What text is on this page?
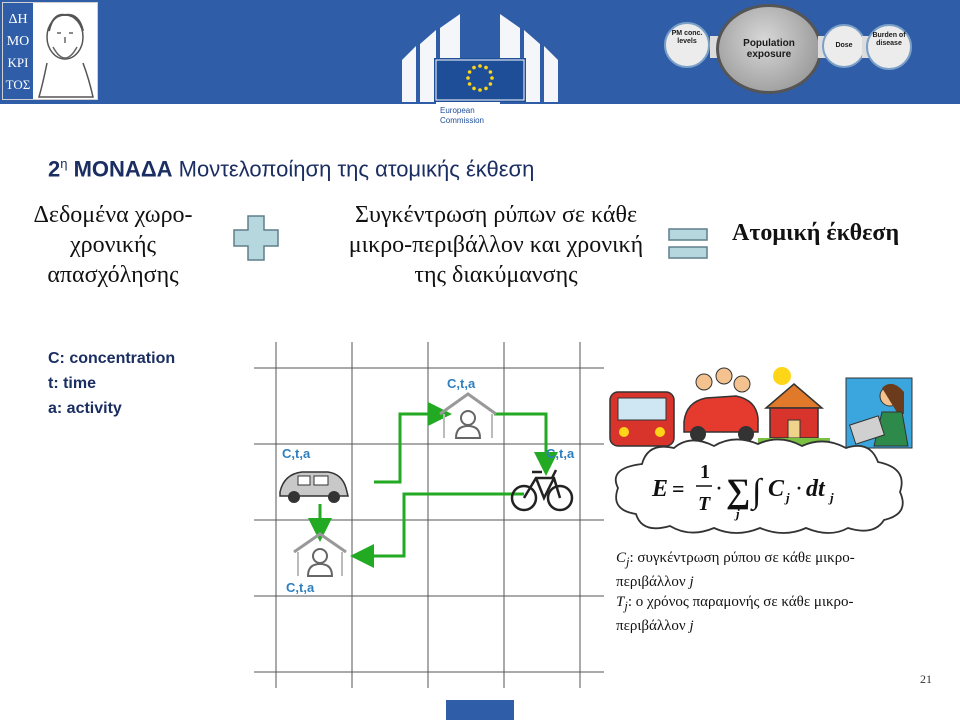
ΔΗ
ΜΟ
ΚΡΙ
ΤΟΣ
European
Commission
PM conc. levels	Population exposure
Dose
Burden of disease
$2^\eta$ ΜΟΝΑΔΑ Μοντελοποίηση της ατομικής έκθεση
Δεδομένα χωρο-
χρονικής
απασχόλησης
Συγκέντρωση ρύπων σε κάθε
μικρο-περιβάλλον και χρονική
της διακύμανσης
Ατομική έκθεση
C: concentration
t: time
a: activity
C,t,a
C,t,a
C,t,a
C,t,a
E =
1
T
· ∑
j
∫ C j · dt j
$C_j$: συγκέντρωση ρύπου σε κάθε μικρο-
περιβάλλον j
$T_j$: ο χρόνος παραμονής σε κάθε μικρο-
περιβάλλον j
21
